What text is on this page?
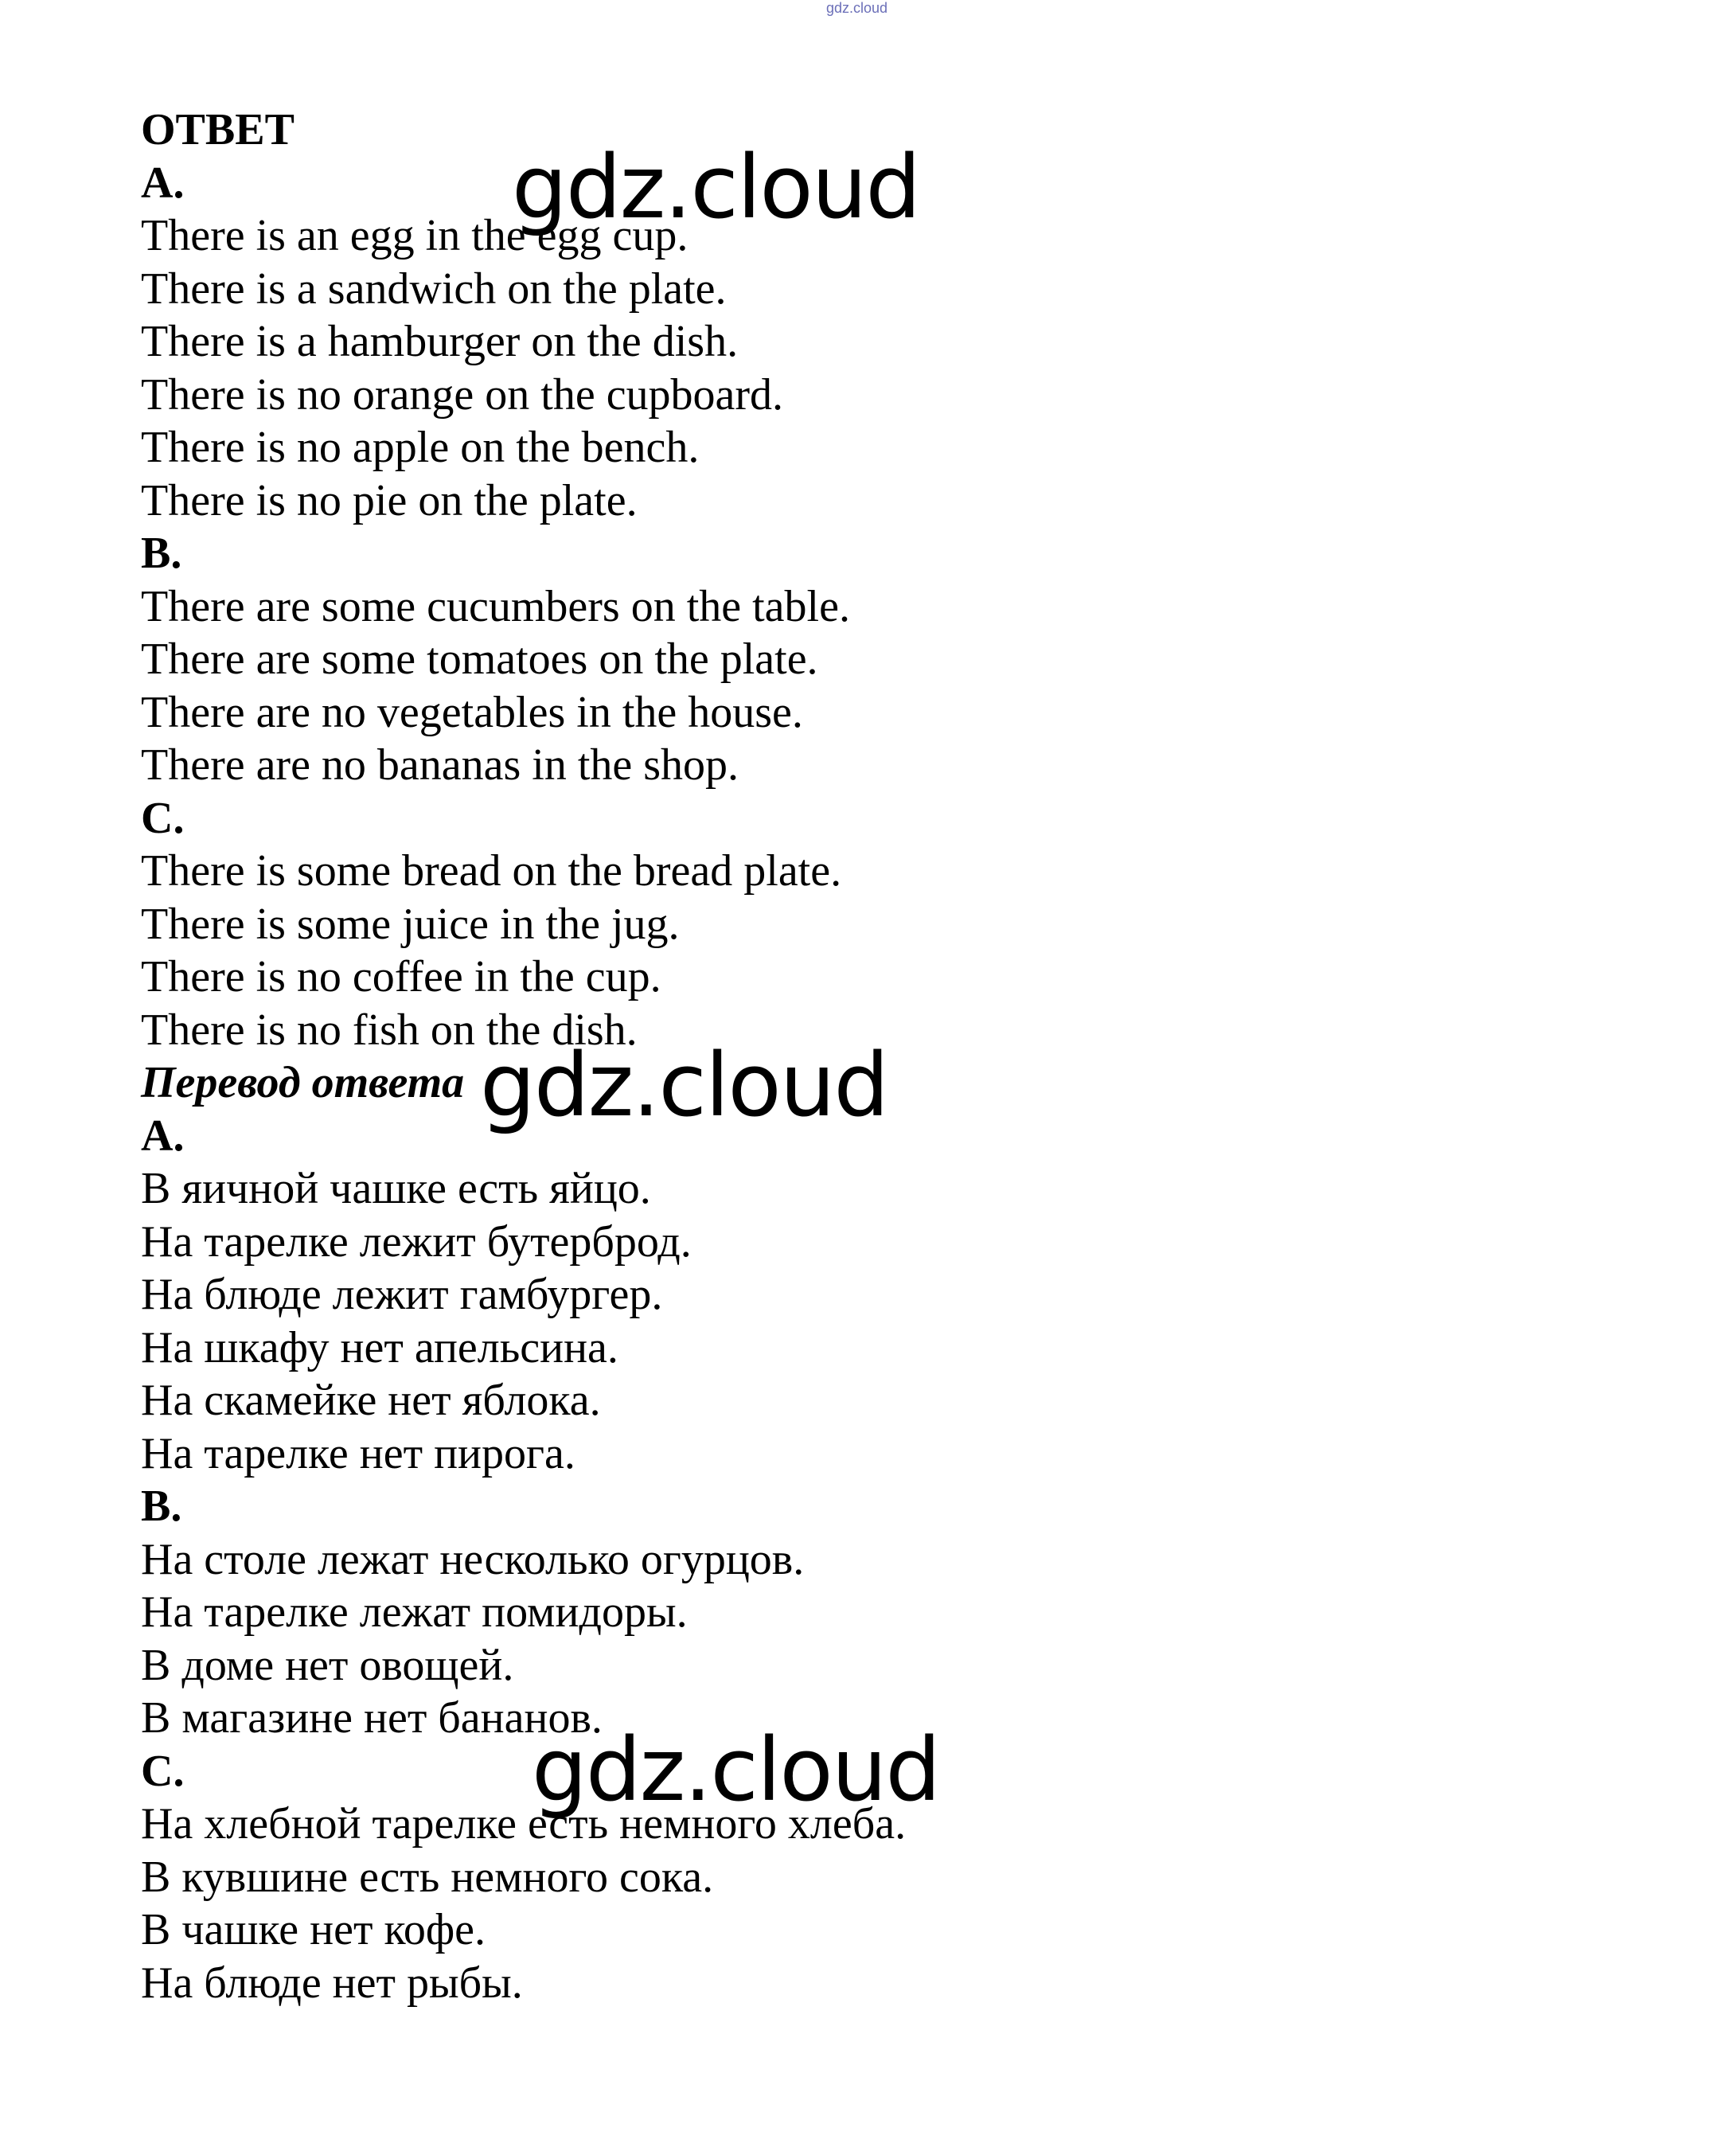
gdz.cloud
ОТВЕТ
A.
There is an egg in the egg cup.
There is a sandwich on the plate.
There is a hamburger on the dish.
There is no orange on the cupboard.
There is no apple on the bench.
There is no pie on the plate.
B.
There are some cucumbers on the table.
There are some tomatoes on the plate.
There are no vegetables in the house.
There are no bananas in the shop.
C.
There is some bread on the bread plate.
There is some juice in the jug.
There is no coffee in the cup.
There is no fish on the dish.
Перевод ответа
A.
В яичной чашке есть яйцо.
На тарелке лежит бутерброд.
На блюде лежит гамбургер.
На шкафу нет апельсина.
На скамейке нет яблока.
На тарелке нет пирога.
B.
На столе лежат несколько огурцов.
На тарелке лежат помидоры.
В доме нет овощей.
В магазине нет бананов.
C.
На хлебной тарелке есть немного хлеба.
В кувшине есть немного сока.
В чашке нет кофе.
На блюде нет рыбы.
gdz.cloud
gdz.cloud
gdz.cloud
